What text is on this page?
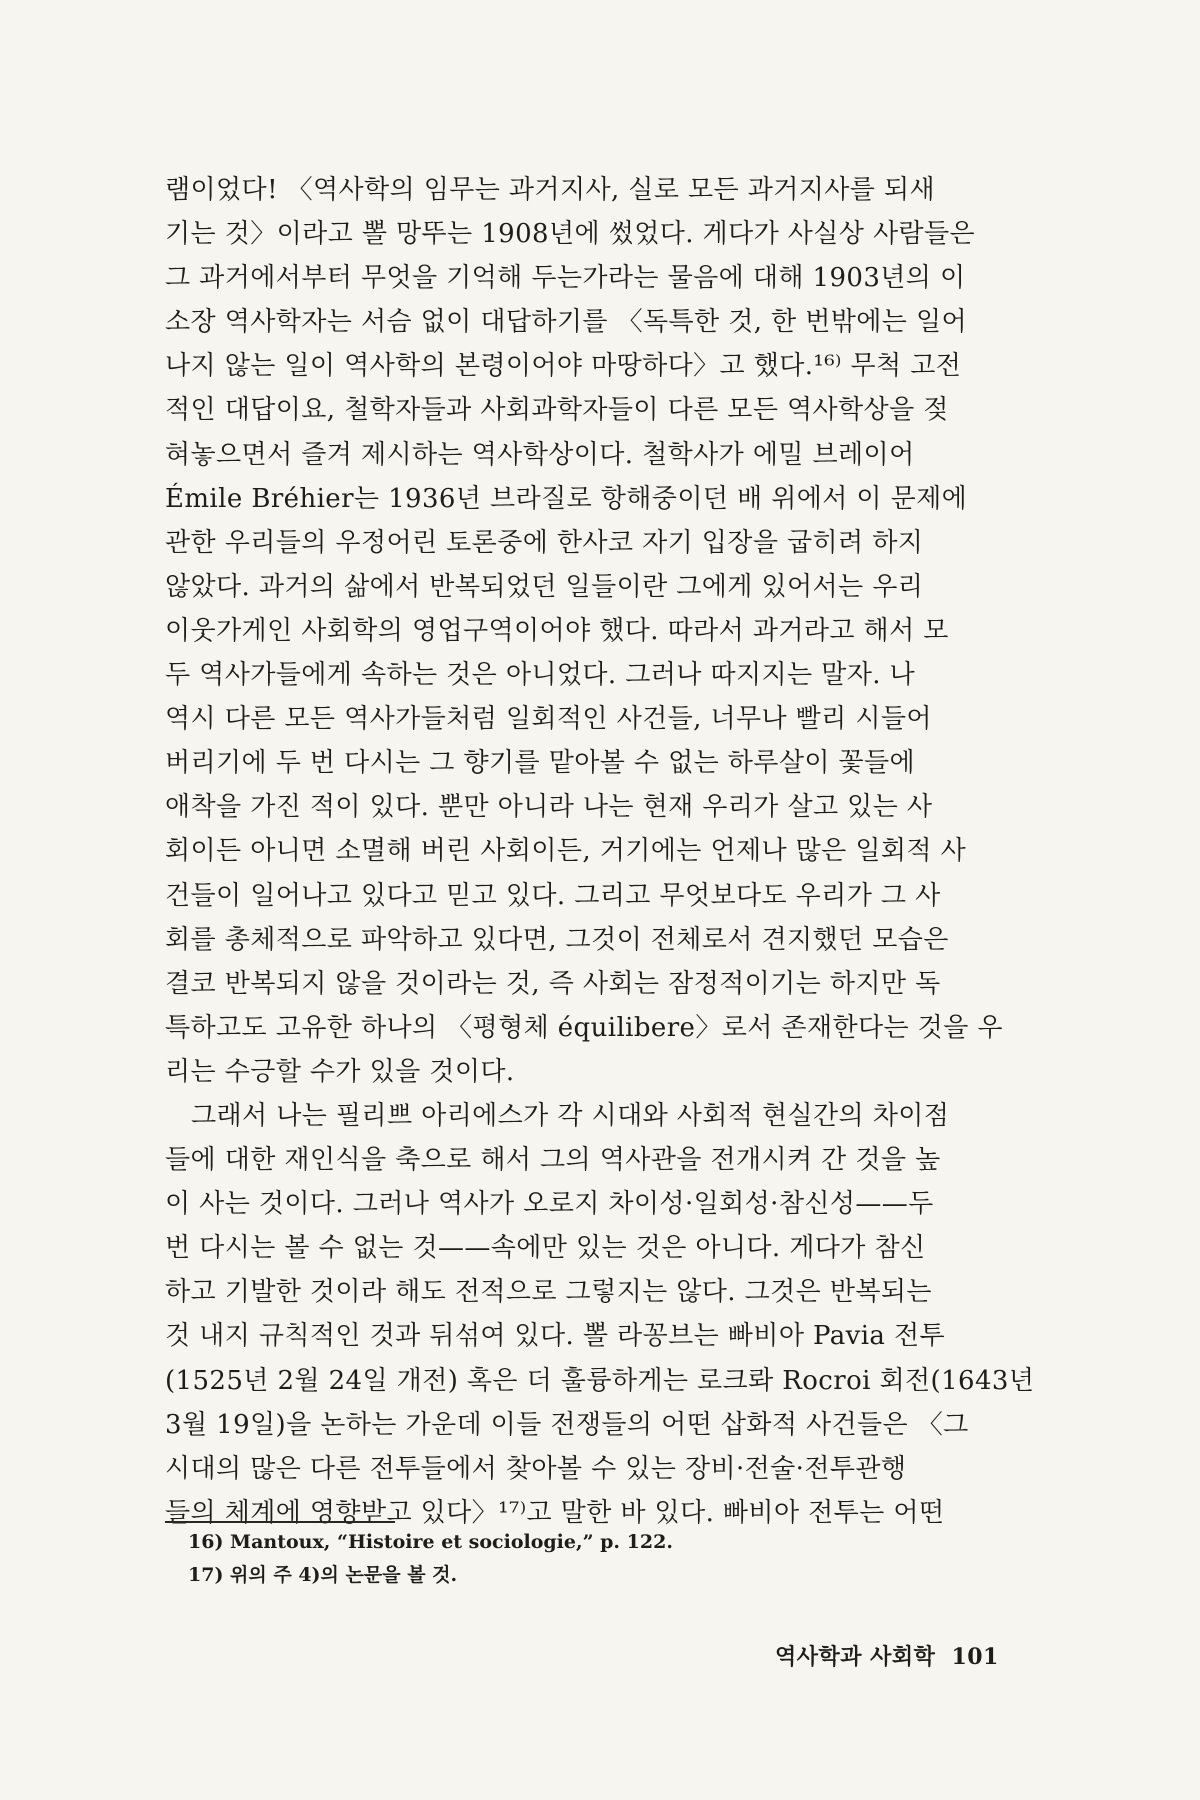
램이었다! 〈역사학의 임무는 과거지사, 실로 모든 과거지사를 되새
기는 것〉이라고 뽈 망뚜는 1908년에 썼었다. 게다가 사실상 사람들은
그 과거에서부터 무엇을 기억해 두는가라는 물음에 대해 1903년의 이
소장 역사학자는 서슴 없이 대답하기를 〈독특한 것, 한 번밖에는 일어
나지 않는 일이 역사학의 본령이어야 마땅하다〉고 했다.¹⁶⁾ 무척 고전
적인 대답이요, 철학자들과 사회과학자들이 다른 모든 역사학상을 젖
혀놓으면서 즐겨 제시하는 역사학상이다. 철학사가 에밀 브레이어
Émile Bréhier는 1936년 브라질로 항해중이던 배 위에서 이 문제에
관한 우리들의 우정어린 토론중에 한사코 자기 입장을 굽히려 하지
않았다. 과거의 삶에서 반복되었던 일들이란 그에게 있어서는 우리
이웃가게인 사회학의 영업구역이어야 했다. 따라서 과거라고 해서 모
두 역사가들에게 속하는 것은 아니었다. 그러나 따지지는 말자. 나
역시 다른 모든 역사가들처럼 일회적인 사건들, 너무나 빨리 시들어
버리기에 두 번 다시는 그 향기를 맡아볼 수 없는 하루살이 꽃들에
애착을 가진 적이 있다. 뿐만 아니라 나는 현재 우리가 살고 있는 사
회이든 아니면 소멸해 버린 사회이든, 거기에는 언제나 많은 일회적 사
건들이 일어나고 있다고 믿고 있다. 그리고 무엇보다도 우리가 그 사
회를 총체적으로 파악하고 있다면, 그것이 전체로서 견지했던 모습은
결코 반복되지 않을 것이라는 것, 즉 사회는 잠정적이기는 하지만 독
특하고도 고유한 하나의 〈평형체 équilibere〉로서 존재한다는 것을 우
리는 수긍할 수가 있을 것이다.
그래서 나는 필리쁘 아리에스가 각 시대와 사회적 현실간의 차이점
들에 대한 재인식을 축으로 해서 그의 역사관을 전개시켜 간 것을 높
이 사는 것이다. 그러나 역사가 오로지 차이성·일회성·참신성——두
번 다시는 볼 수 없는 것——속에만 있는 것은 아니다. 게다가 참신
하고 기발한 것이라 해도 전적으로 그렇지는 않다. 그것은 반복되는
것 내지 규칙적인 것과 뒤섞여 있다. 뽈 라꽁브는 빠비아 Pavia 전투
(1525년 2월 24일 개전) 혹은 더 훌륭하게는 로크롸 Rocroi 회전(1643년
3월 19일)을 논하는 가운데 이들 전쟁들의 어떤 삽화적 사건들은 〈그
시대의 많은 다른 전투들에서 찾아볼 수 있는 장비·전술·전투관행
들의 체계에 영향받고 있다〉¹⁷⁾고 말한 바 있다. 빠비아 전투는 어떤
16) Mantoux, “Histoire et sociologie,” p. 122.
17) 위의 주 4)의 논문을 볼 것.
역사학과 사회학 101
